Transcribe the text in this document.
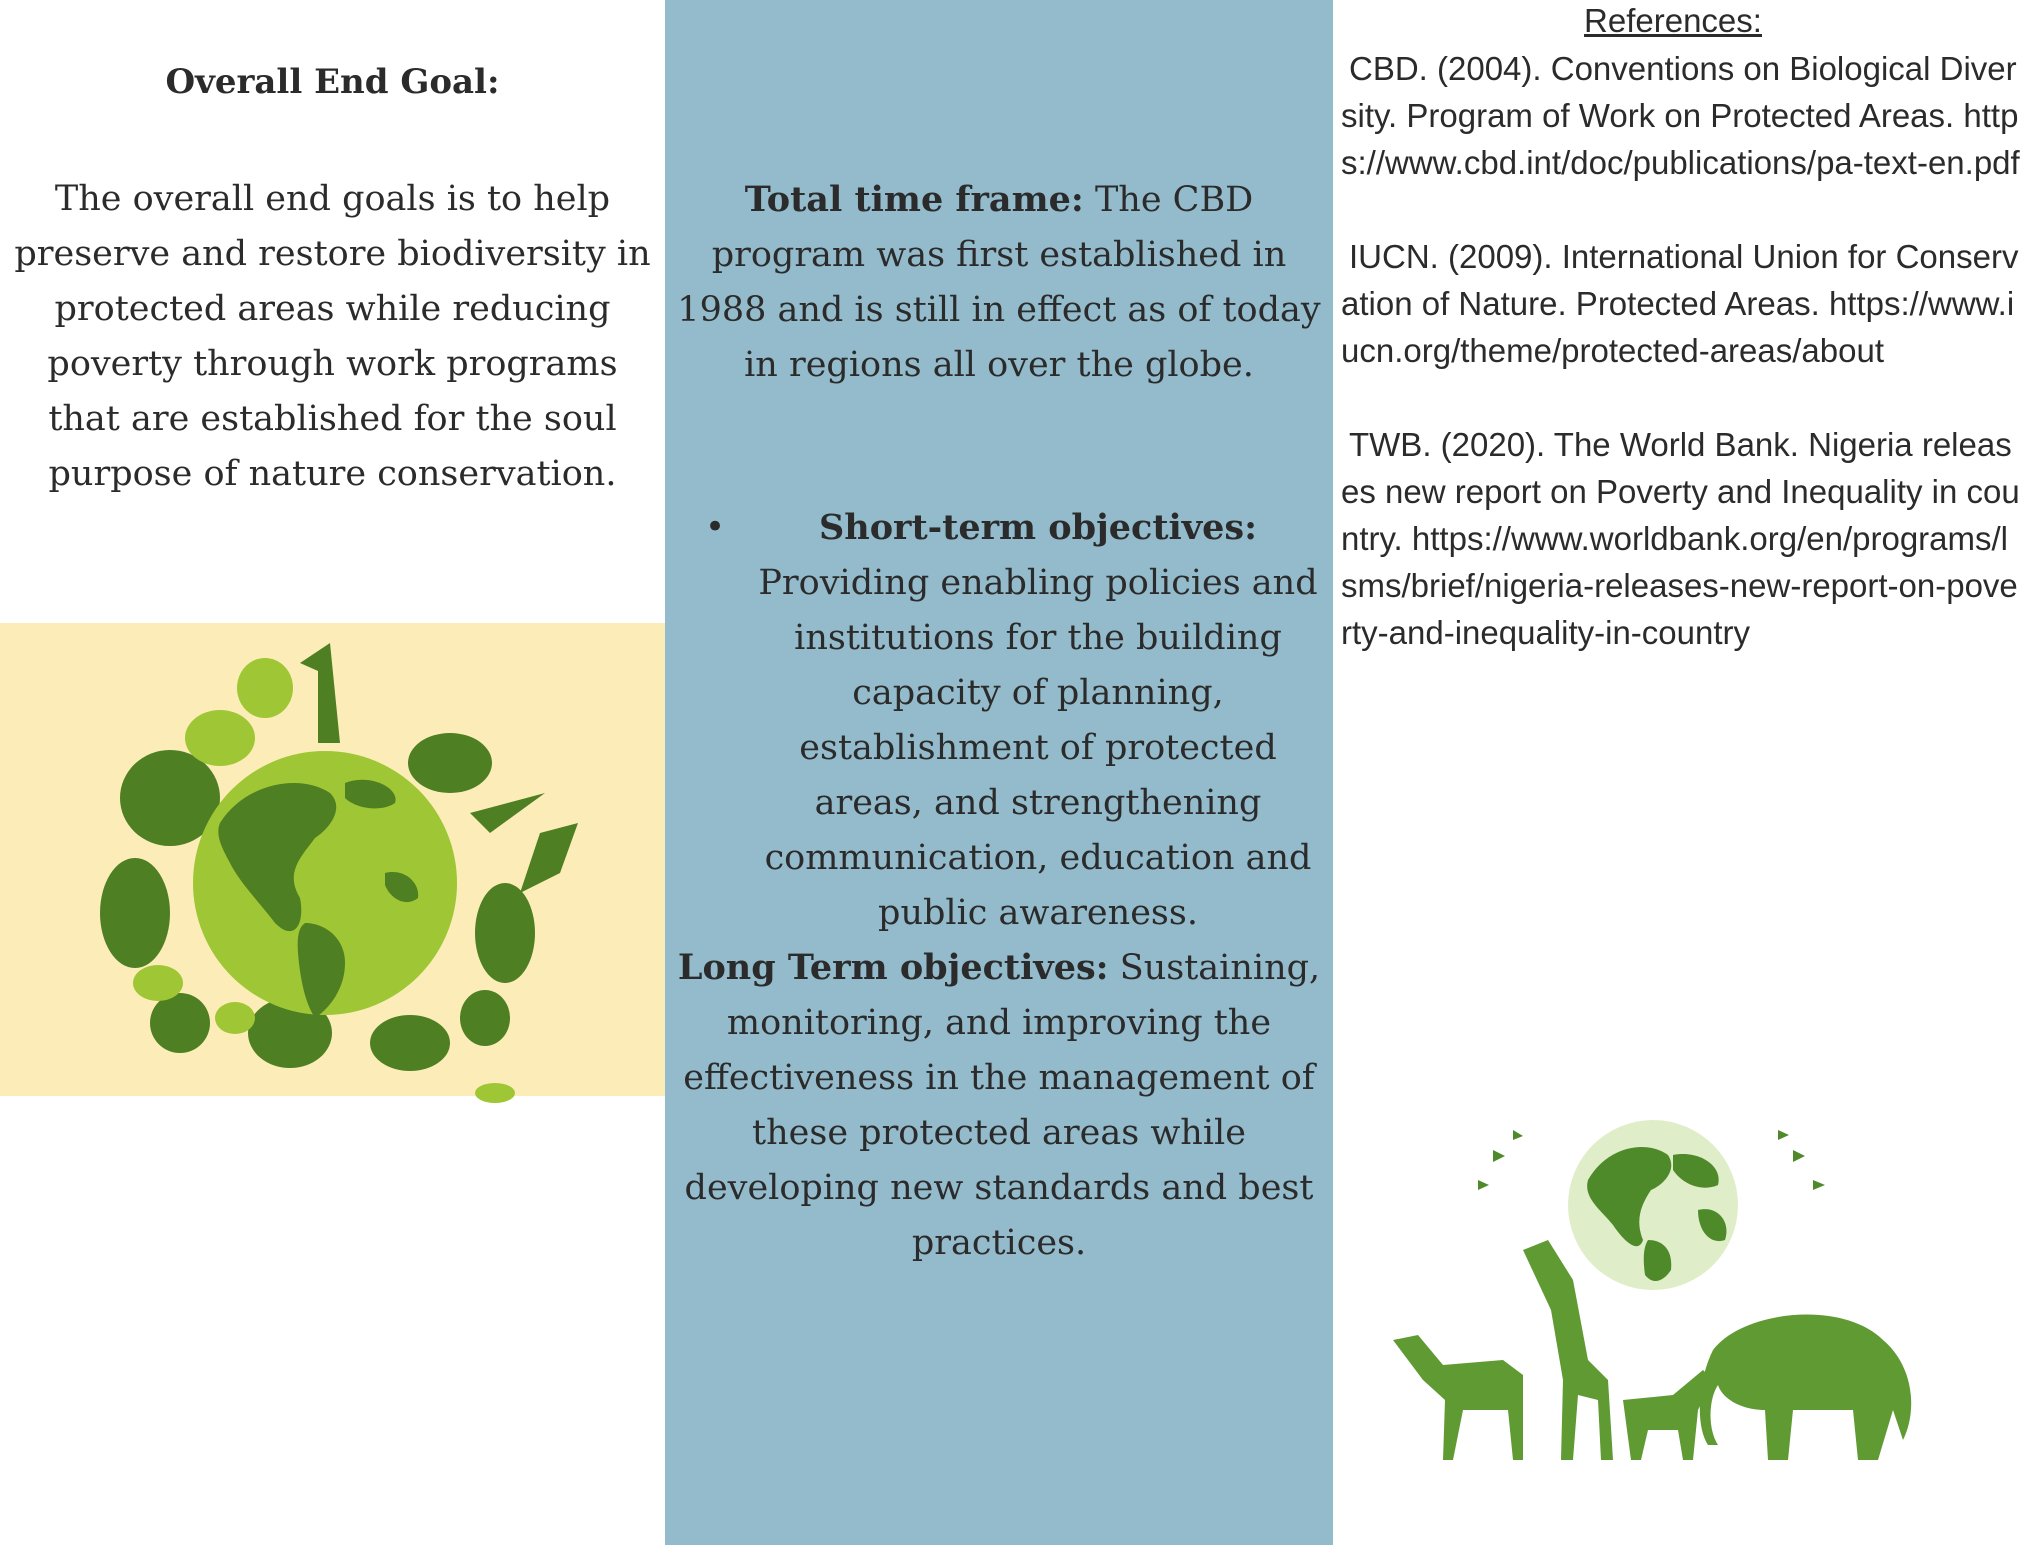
Overall End Goal:

The overall end goals is to help preserve and restore biodiversity in protected areas while reducing poverty through work programs that are established for the soul purpose of nature conservation.

Total time frame: The CBD program was first established in 1988 and is still in effect as of today in regions all over the globe.

•	Short-term objectives: Providing enabling policies and institutions for the building capacity of planning, establishment of protected areas, and strengthening communication, education and public awareness.

Long Term objectives: Sustaining, monitoring, and improving the effectiveness in the management of these protected areas while developing new standards and best practices.

References:
CBD. (2004). Conventions on Biological Diversity. Program of Work on Protected Areas. https://www.cbd.int/doc/publications/pa-text-en.pdf
IUCN. (2009). International Union for Conservation of Nature. Protected Areas. https://www.iucn.org/theme/protected-areas/about
TWB. (2020). The World Bank. Nigeria releases new report on Poverty and Inequality in country. https://www.worldbank.org/en/programs/lsms/brief/nigeria-releases-new-report-on-poverty-and-inequality-in-country
